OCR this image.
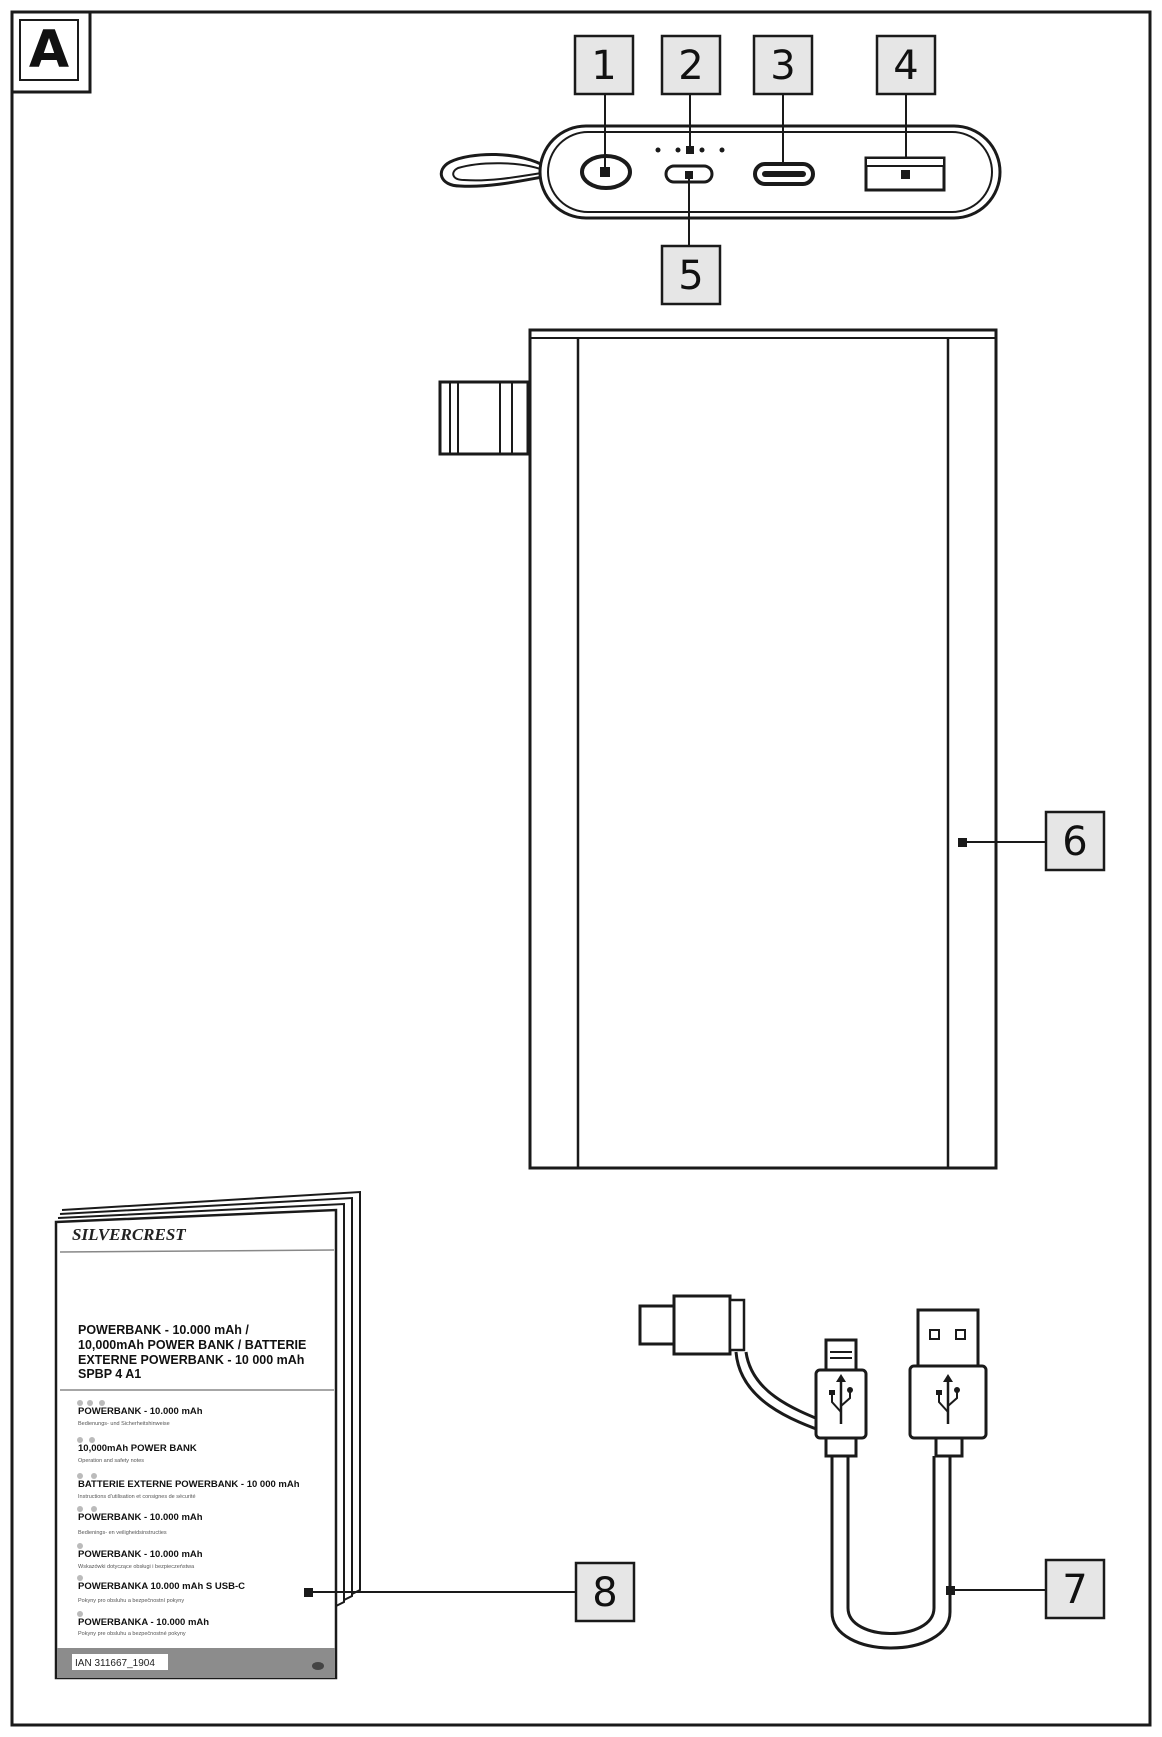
A	1 2 3 4
5
6
7
SILVERCREST
POWERBANK - 10.000 mAh /
10,000mAh POWER BANK / BATTERIE
EXTERNE POWERBANK - 10 000 mAh
SPBP 4 A1
POWERBANK - 10.000 mAh
Bedienungs- und Sicherheitshinweise
10,000mAh POWER BANK
Operation and safety notes
BATTERIE EXTERNE POWERBANK - 10 000 mAh
Instructions d'utilisation et consignes de sécurité
POWERBANK - 10.000 mAh
Bedienings- en veiligheidsinstructies
POWERBANK - 10.000 mAh
Wskazówki dotyczące obsługi i bezpieczeństwa
POWERBANKA 10.000 mAh S USB-C
Pokyny pro obsluhu a bezpečnostní pokyny
POWERBANKA - 10.000 mAh
Pokyny pre obsluhu a bezpečnostné pokyny
IAN 311667_1904
8
